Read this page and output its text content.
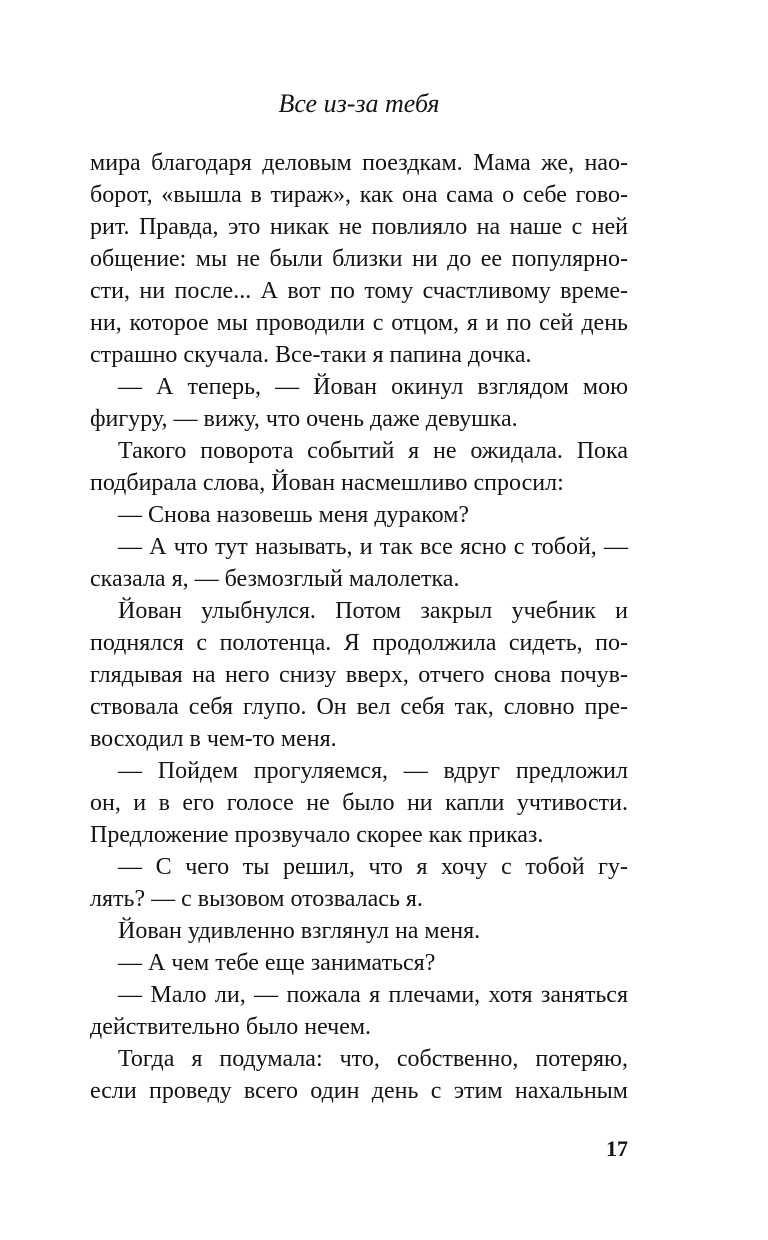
Все из-за тебя
мира благодаря деловым поездкам. Мама же, нао-
борот, «вышла в тираж», как она сама о себе гово-
рит. Правда, это никак не повлияло на наше с ней
общение: мы не были близки ни до ее популярно-
сти, ни после... А вот по тому счастливому време-
ни, которое мы проводили с отцом, я и по сей день
страшно скучала. Все-таки я папина дочка.
— А теперь, — Йован окинул взглядом мою
фигуру, — вижу, что очень даже девушка.
Такого поворота событий я не ожидала. Пока
подбирала слова, Йован насмешливо спросил:
— Снова назовешь меня дураком?
— А что тут называть, и так все ясно с тобой, —
сказала я, — безмозглый малолетка.
Йован улыбнулся. Потом закрыл учебник и
поднялся с полотенца. Я продолжила сидеть, по-
глядывая на него снизу вверх, отчего снова почув-
ствовала себя глупо. Он вел себя так, словно пре-
восходил в чем-то меня.
— Пойдем прогуляемся, — вдруг предложил
он, и в его голосе не было ни капли учтивости.
Предложение прозвучало скорее как приказ.
— С чего ты решил, что я хочу с тобой гу-
лять? — с вызовом отозвалась я.
Йован удивленно взглянул на меня.
— А чем тебе еще заниматься?
— Мало ли, — пожала я плечами, хотя заняться
действительно было нечем.
Тогда я подумала: что, собственно, потеряю,
если проведу всего один день с этим нахальным
17
